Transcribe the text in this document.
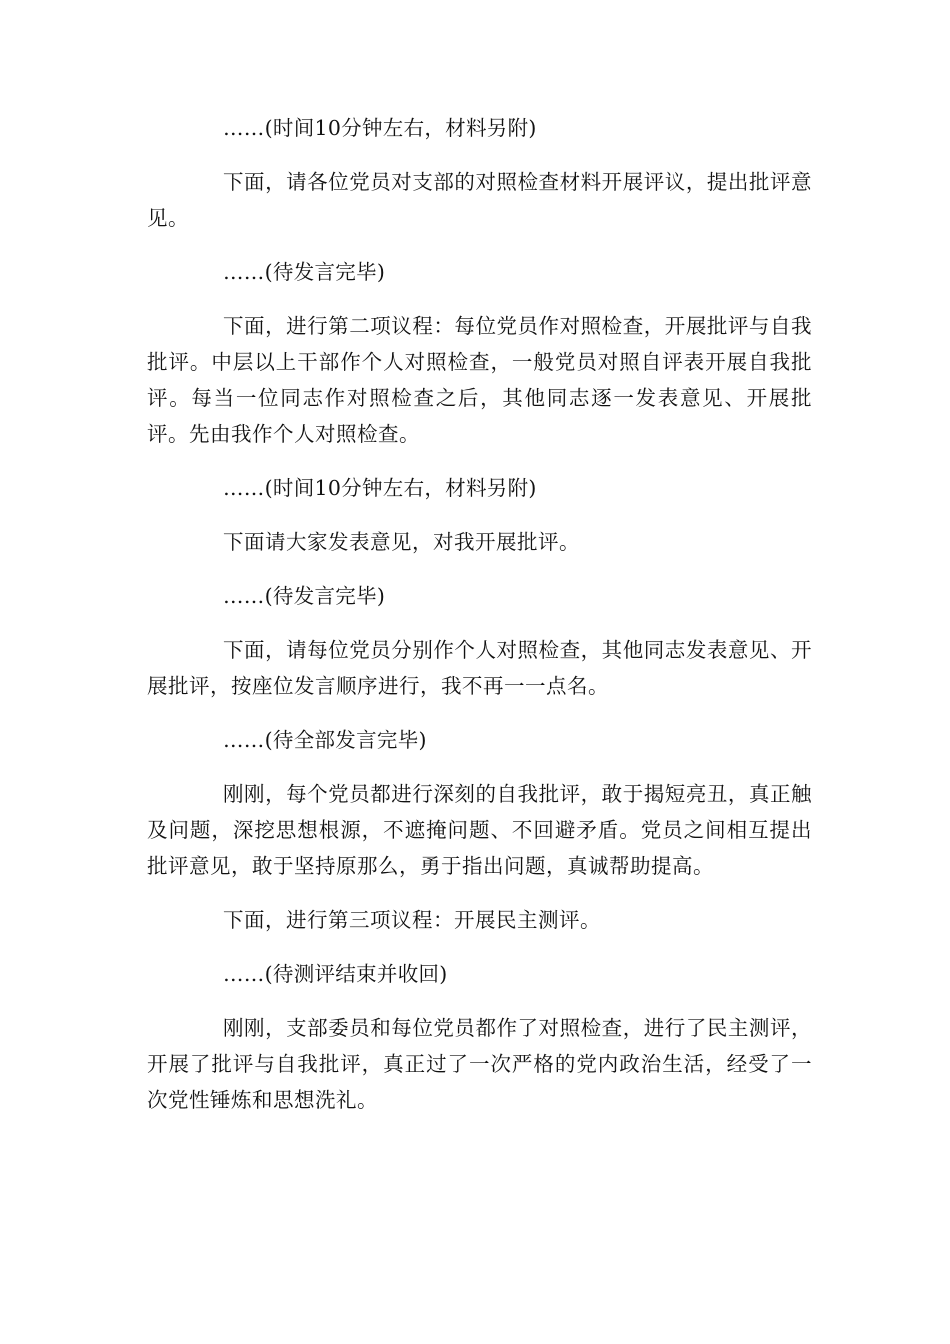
……(时间10分钟左右，材料另附)

下面，请各位党员对支部的对照检查材料开展评议，提出批评意见。

……(待发言完毕)

下面，进行第二项议程：每位党员作对照检查，开展批评与自我批评。中层以上干部作个人对照检查，一般党员对照自评表开展自我批评。每当一位同志作对照检查之后，其他同志逐一发表意见、开展批评。先由我作个人对照检查。

……(时间10分钟左右，材料另附)

下面请大家发表意见，对我开展批评。

……(待发言完毕)

下面，请每位党员分别作个人对照检查，其他同志发表意见、开展批评，按座位发言顺序进行，我不再一一点名。

……(待全部发言完毕)

刚刚，每个党员都进行深刻的自我批评，敢于揭短亮丑，真正触及问题，深挖思想根源，不遮掩问题、不回避矛盾。党员之间相互提出批评意见，敢于坚持原那么，勇于指出问题，真诚帮助提高。

下面，进行第三项议程：开展民主测评。

……(待测评结束并收回)

刚刚，支部委员和每位党员都作了对照检查，进行了民主测评，开展了批评与自我批评，真正过了一次严格的党内政治生活，经受了一次党性锤炼和思想洗礼。
